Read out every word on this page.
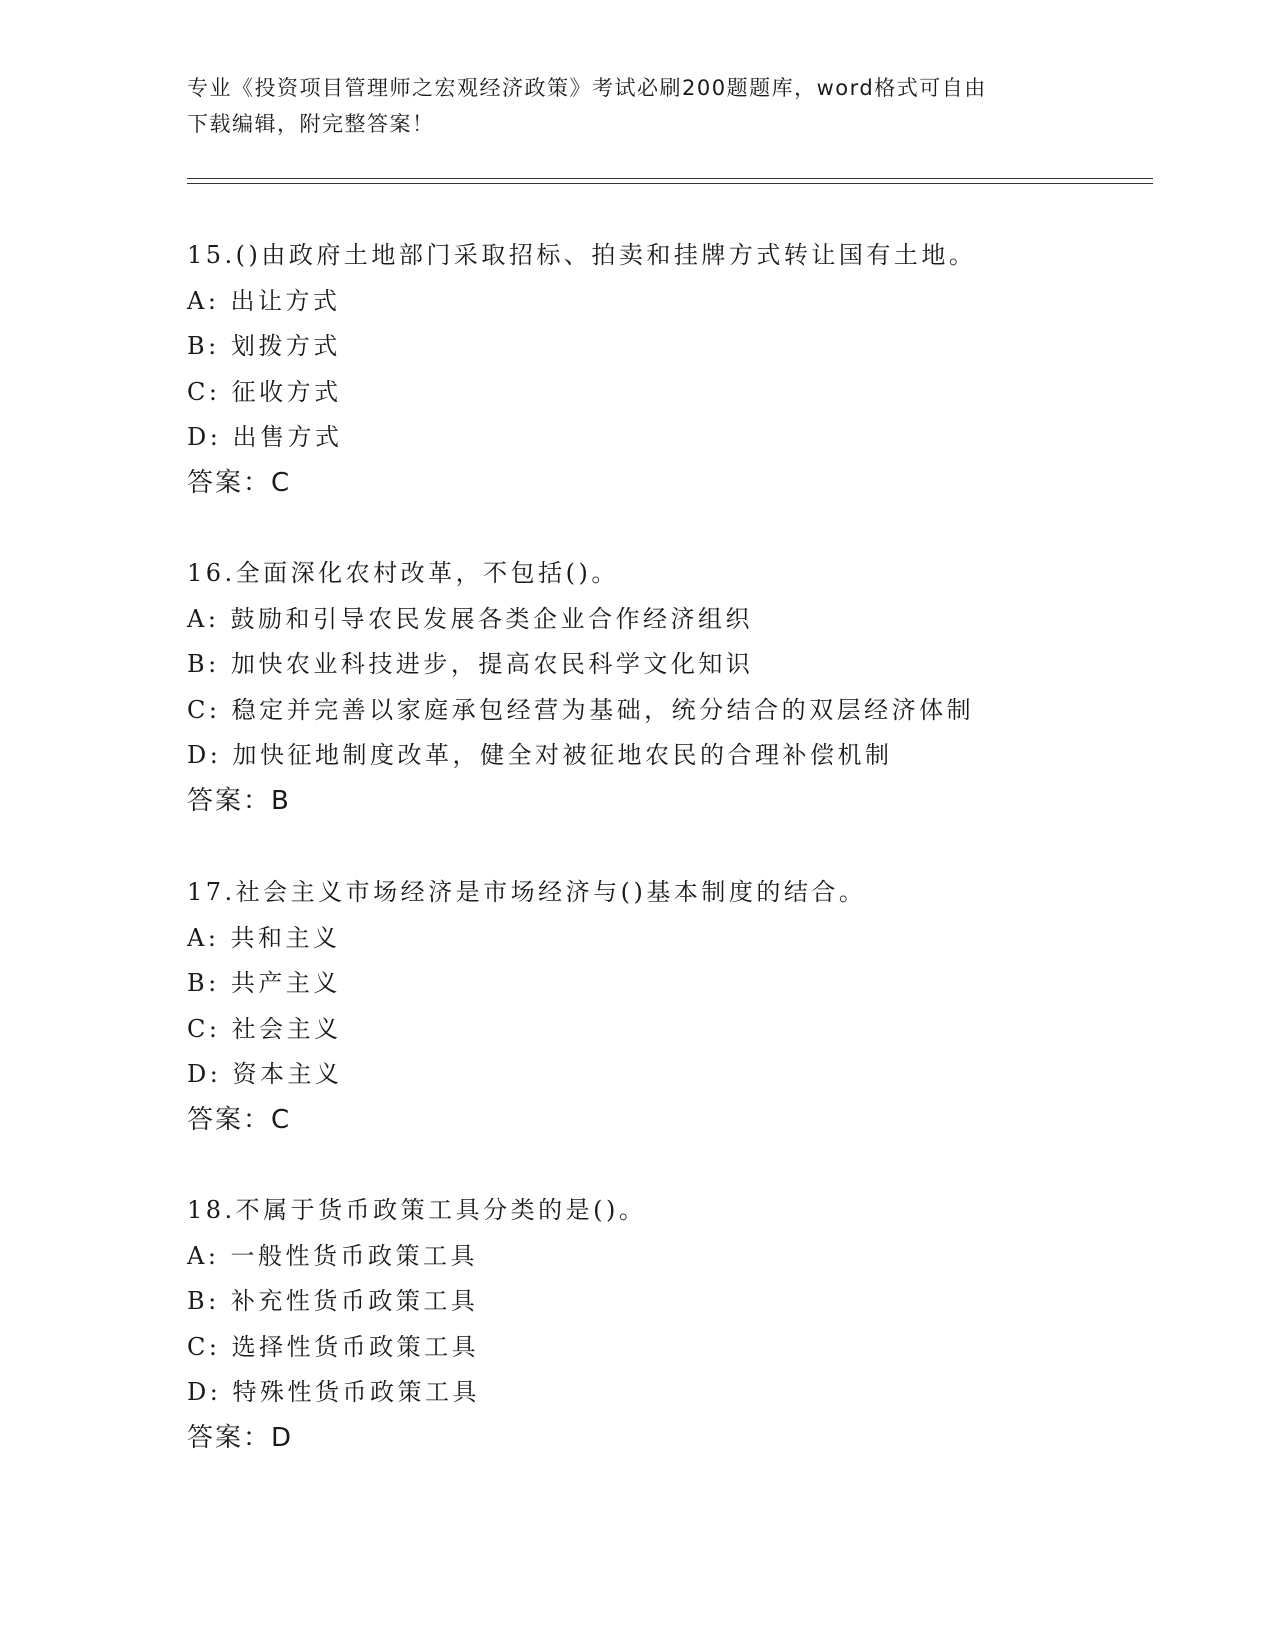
专业《投资项目管理师之宏观经济政策》考试必刷200题题库，word格式可自由
下载编辑，附完整答案！
15.()由政府土地部门采取招标、拍卖和挂牌方式转让国有土地。
A: 出让方式
B: 划拨方式
C: 征收方式
D: 出售方式
答案：C
16.全面深化农村改革，不包括()。
A: 鼓励和引导农民发展各类企业合作经济组织
B: 加快农业科技进步，提高农民科学文化知识
C: 稳定并完善以家庭承包经营为基础，统分结合的双层经济体制
D: 加快征地制度改革，健全对被征地农民的合理补偿机制
答案：B
17.社会主义市场经济是市场经济与()基本制度的结合。
A: 共和主义
B: 共产主义
C: 社会主义
D: 资本主义
答案：C
18.不属于货币政策工具分类的是()。
A: 一般性货币政策工具
B: 补充性货币政策工具
C: 选择性货币政策工具
D: 特殊性货币政策工具
答案：D
